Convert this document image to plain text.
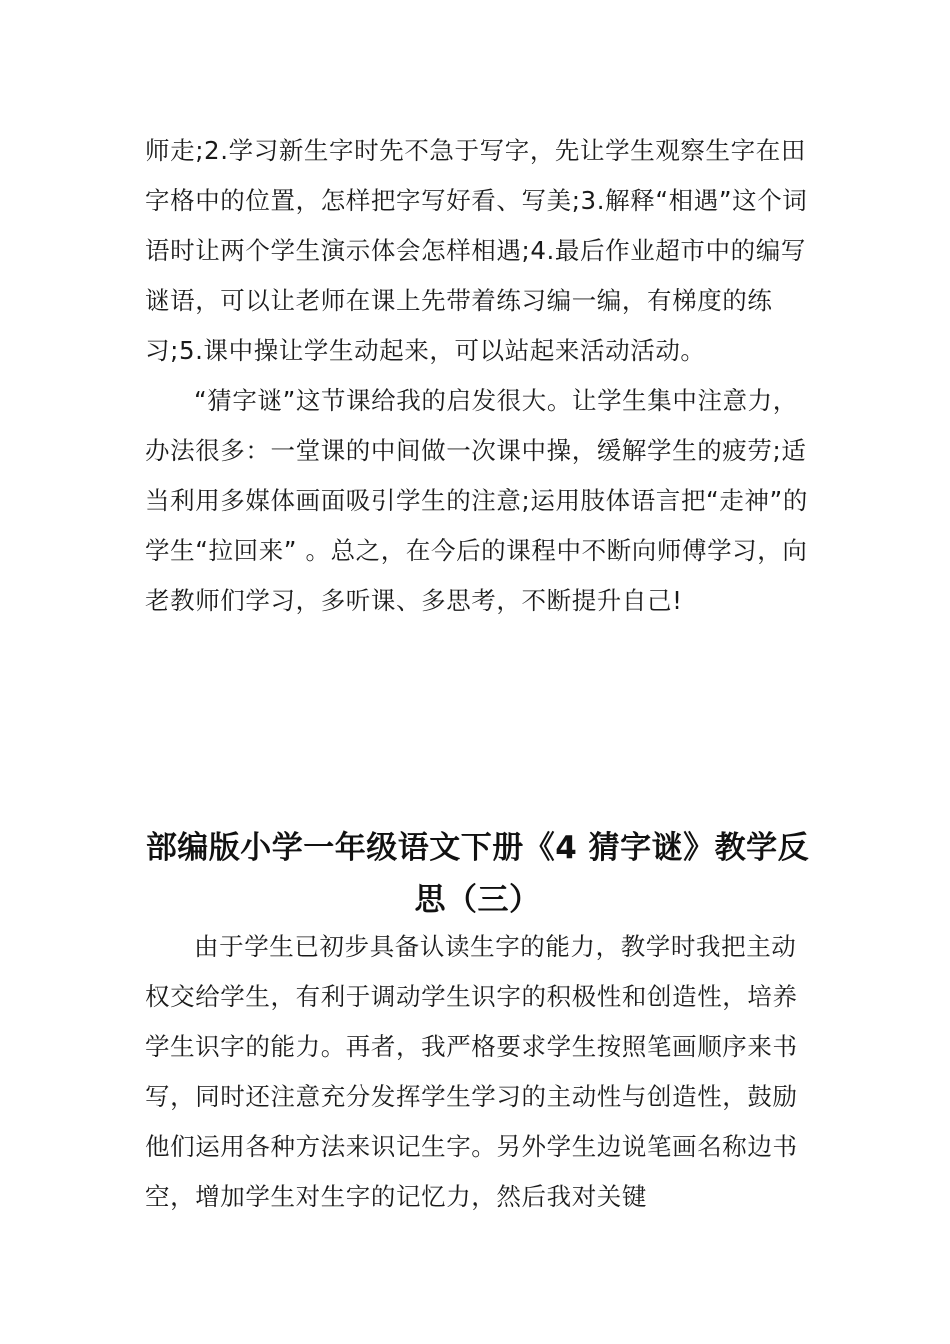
师走;2.学习新生字时先不急于写字，先让学生观察生字在田字格中的位置，怎样把字写好看、写美;3.解释“相遇”这个词语时让两个学生演示体会怎样相遇;4.最后作业超市中的编写谜语，可以让老师在课上先带着练习编一编，有梯度的练习;5.课中操让学生动起来，可以站起来活动活动。

“猜字谜”这节课给我的启发很大。让学生集中注意力，办法很多：一堂课的中间做一次课中操，缓解学生的疲劳;适当利用多媒体画面吸引学生的注意;运用肢体语言把“走神”的学生“拉回来” 。总之，在今后的课程中不断向师傅学习，向老教师们学习，多听课、多思考，不断提升自己!

部编版小学一年级语文下册《4 猜字谜》教学反思（三）

由于学生已初步具备认读生字的能力，教学时我把主动权交给学生，有利于调动学生识字的积极性和创造性，培养学生识字的能力。再者，我严格要求学生按照笔画顺序来书写，同时还注意充分发挥学生学习的主动性与创造性，鼓励他们运用各种方法来识记生字。另外学生边说笔画名称边书空，增加学生对生字的记忆力，然后我对关键
